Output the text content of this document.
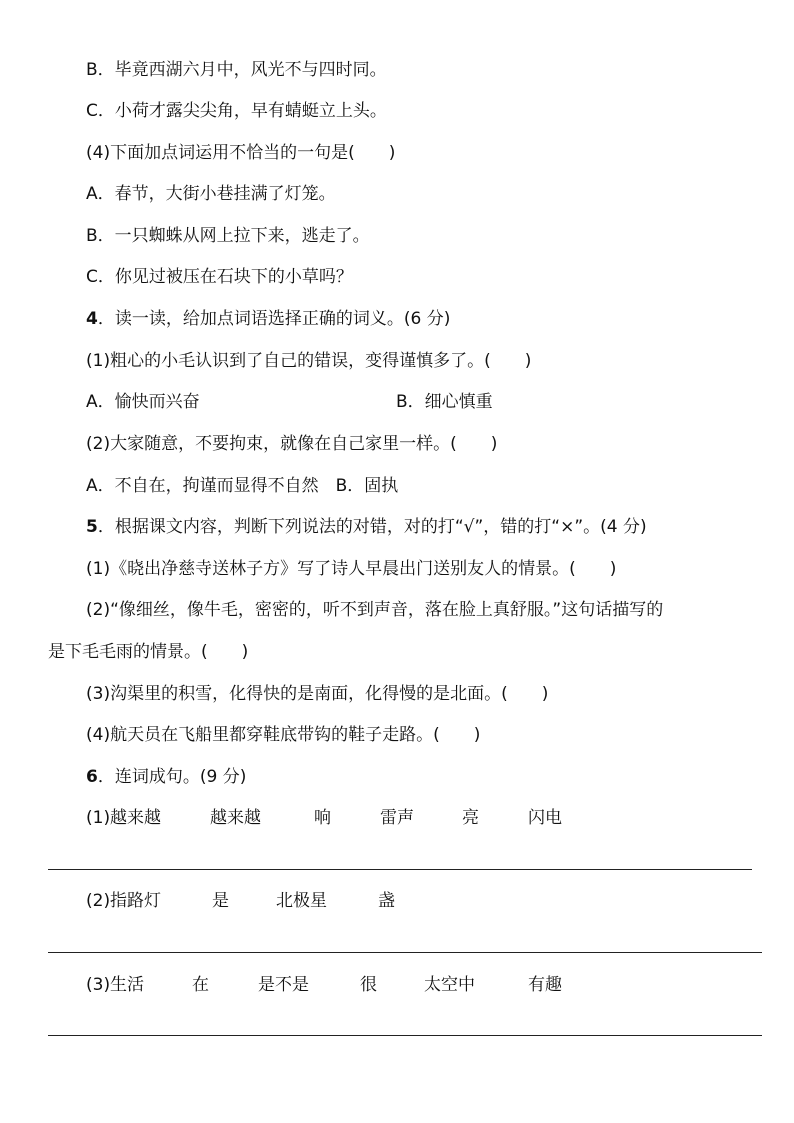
B．毕竟西湖六月中，风光不与四时同。
C．小荷才露尖尖角，早有蜻蜓立上头。
(4)下面加点词运用不恰当的一句是(　　)
A．春节，大街小巷挂满了灯笼。
B．一只蜘蛛从网上拉下来，逃走了。
C．你见过被压在石块下的小草吗？
4．读一读，给加点词语选择正确的词义。(6 分)
(1)粗心的小毛认识到了自己的错误，变得谨慎多了。(　　)
A．愉快而兴奋	B．细心慎重
(2)大家随意，不要拘束，就像在自己家里一样。(　　)
A．不自在，拘谨而显得不自然　B．固执
5．根据课文内容，判断下列说法的对错，对的打“√”，错的打“×”。(4 分)
(1)《晓出净慈寺送林子方》写了诗人早晨出门送别友人的情景。(　　)
(2)“像细丝，像牛毛，密密的，听不到声音，落在脸上真舒服。”这句话描写的
是下毛毛雨的情景。(　　)
(3)沟渠里的积雪，化得快的是南面，化得慢的是北面。(　　)
(4)航天员在飞船里都穿鞋底带钩的鞋子走路。(　　)
6．连词成句。(9 分)
(1) 越来越	越来越	响	雷声	亮	闪电
(2) 指路灯	是	北极星	盏
(3) 生活	在	是不是	很	太空中	有趣
